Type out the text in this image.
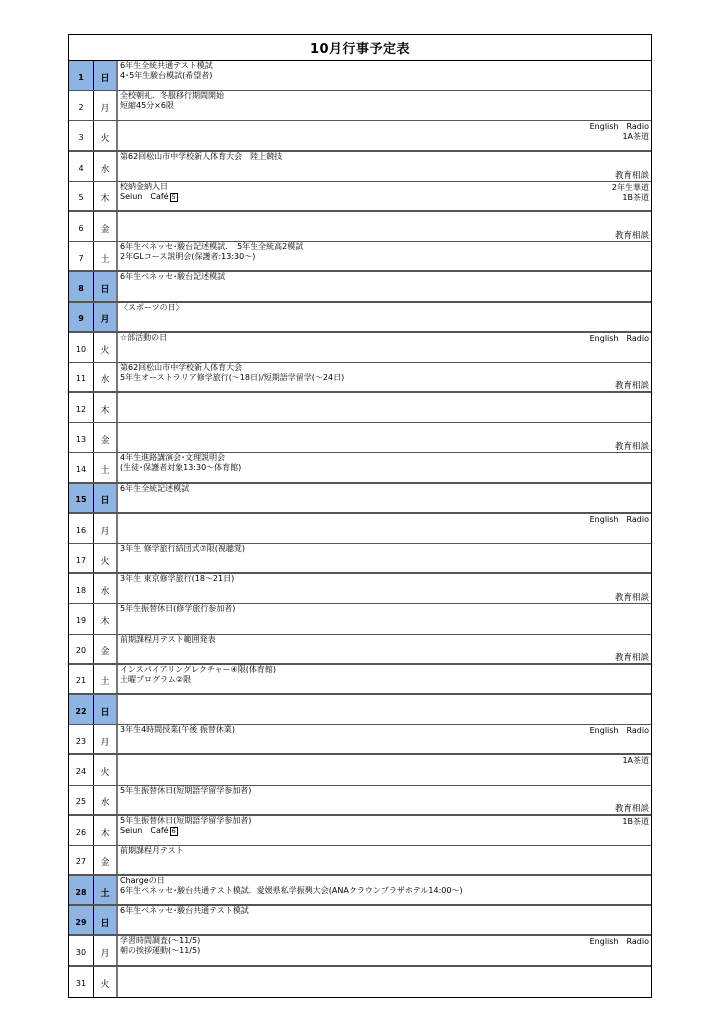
10月行事予定表
1	日
6年生全統共通テスト模試
4･5年生駿台模試(希望者)
2	月
全校朝礼．冬服移行期間開始
短縮45分×6限
3	火
English　Radio
1A茶道
4	水
第62回松山市中学校新人体育大会　陸上競技
教育相談
5	木
校納金納入日
Seiun　Café 5
2年生華道
1B茶道
6	金
教育相談
7	土
6年生ベネッセ･駿台記述模試．　5年生全統高2模試
2年GLコース説明会(保護者:13:30～)
8	日
6年生ベネッセ･駿台記述模試
9	月
〈スポーツの日〉
10	火
☆部活動の日	English　Radio
11	水
第62回松山市中学校新人体育大会
5年生オーストラリア修学旅行(～18日)/短期語学留学(～24日)
教育相談
12	木
13	金
教育相談
14	土
4年生進路講演会･文理説明会
(生徒･保護者対象13:30～体育館)
15	日
6年生全統記述模試
16	月
English　Radio
17	火
3年生 修学旅行結団式⑦限(視聴覚)
18	水
3年生 東京修学旅行(18～21日)
教育相談
19	木
5年生振替休日(修学旅行参加者)
20	金
前期課程月テスト範囲発表
教育相談
21	土
インスパイアリングレクチャー④限(体育館)
土曜プログラム②限
22	日
23	月
3年生4時間授業(午後 振替休業)	English　Radio
24	火
1A茶道
25	水
5年生振替休日(短期語学留学参加者)
教育相談
26	木
5年生振替休日(短期語学留学参加者)
Seiun　Café 6
1B茶道
27	金
前期課程月テスト
28	土
Chargeの日
6年生ベネッセ･駿台共通テスト模試．愛媛県私学振興大会(ANAクラウンプラザホテル14:00～)
29	日
6年生ベネッセ･駿台共通テスト模試
30	月
学習時間調査(～11/5)
朝の挨拶運動(～11/5)
English　Radio
31	火
